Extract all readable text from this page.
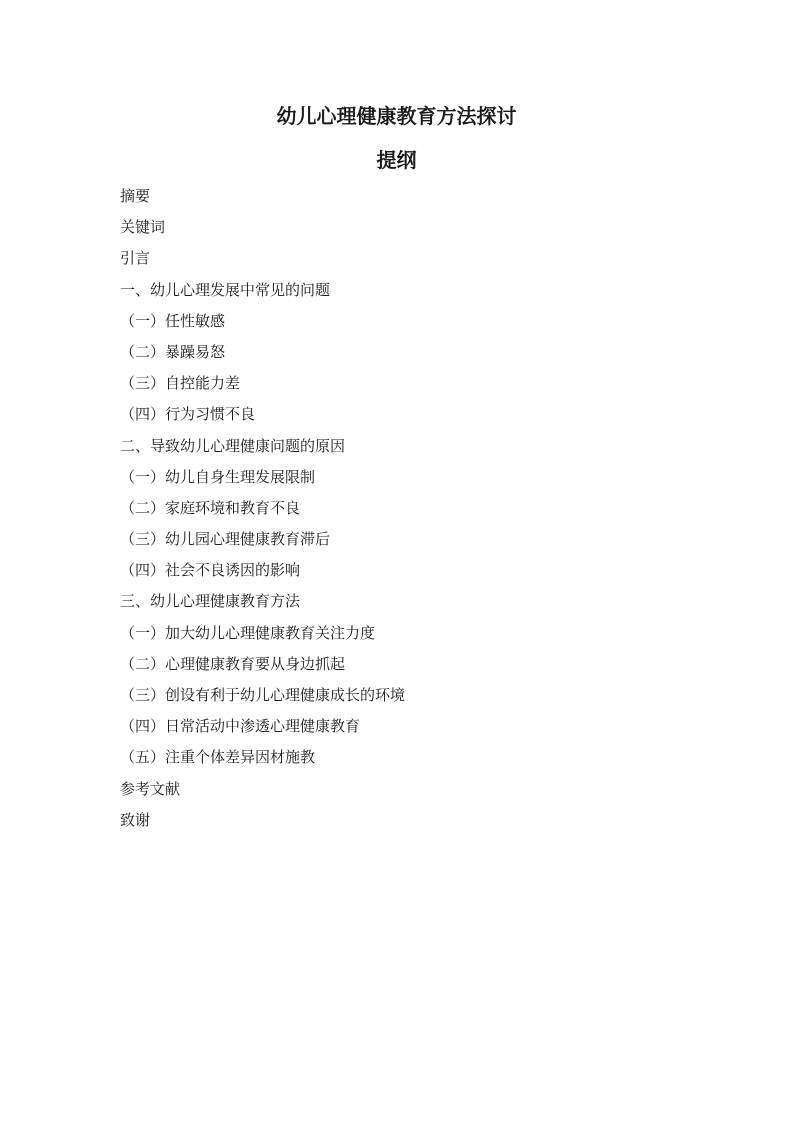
幼儿心理健康教育方法探讨
提纲
摘要
关键词
引言
一、幼儿心理发展中常见的问题
（一）任性敏感
（二）暴躁易怒
（三）自控能力差
（四）行为习惯不良
二、导致幼儿心理健康问题的原因
（一）幼儿自身生理发展限制
（二）家庭环境和教育不良
（三）幼儿园心理健康教育滞后
（四）社会不良诱因的影响
三、幼儿心理健康教育方法
（一）加大幼儿心理健康教育关注力度
（二）心理健康教育要从身边抓起
（三）创设有利于幼儿心理健康成长的环境
（四）日常活动中渗透心理健康教育
（五）注重个体差异因材施教
参考文献
致谢
